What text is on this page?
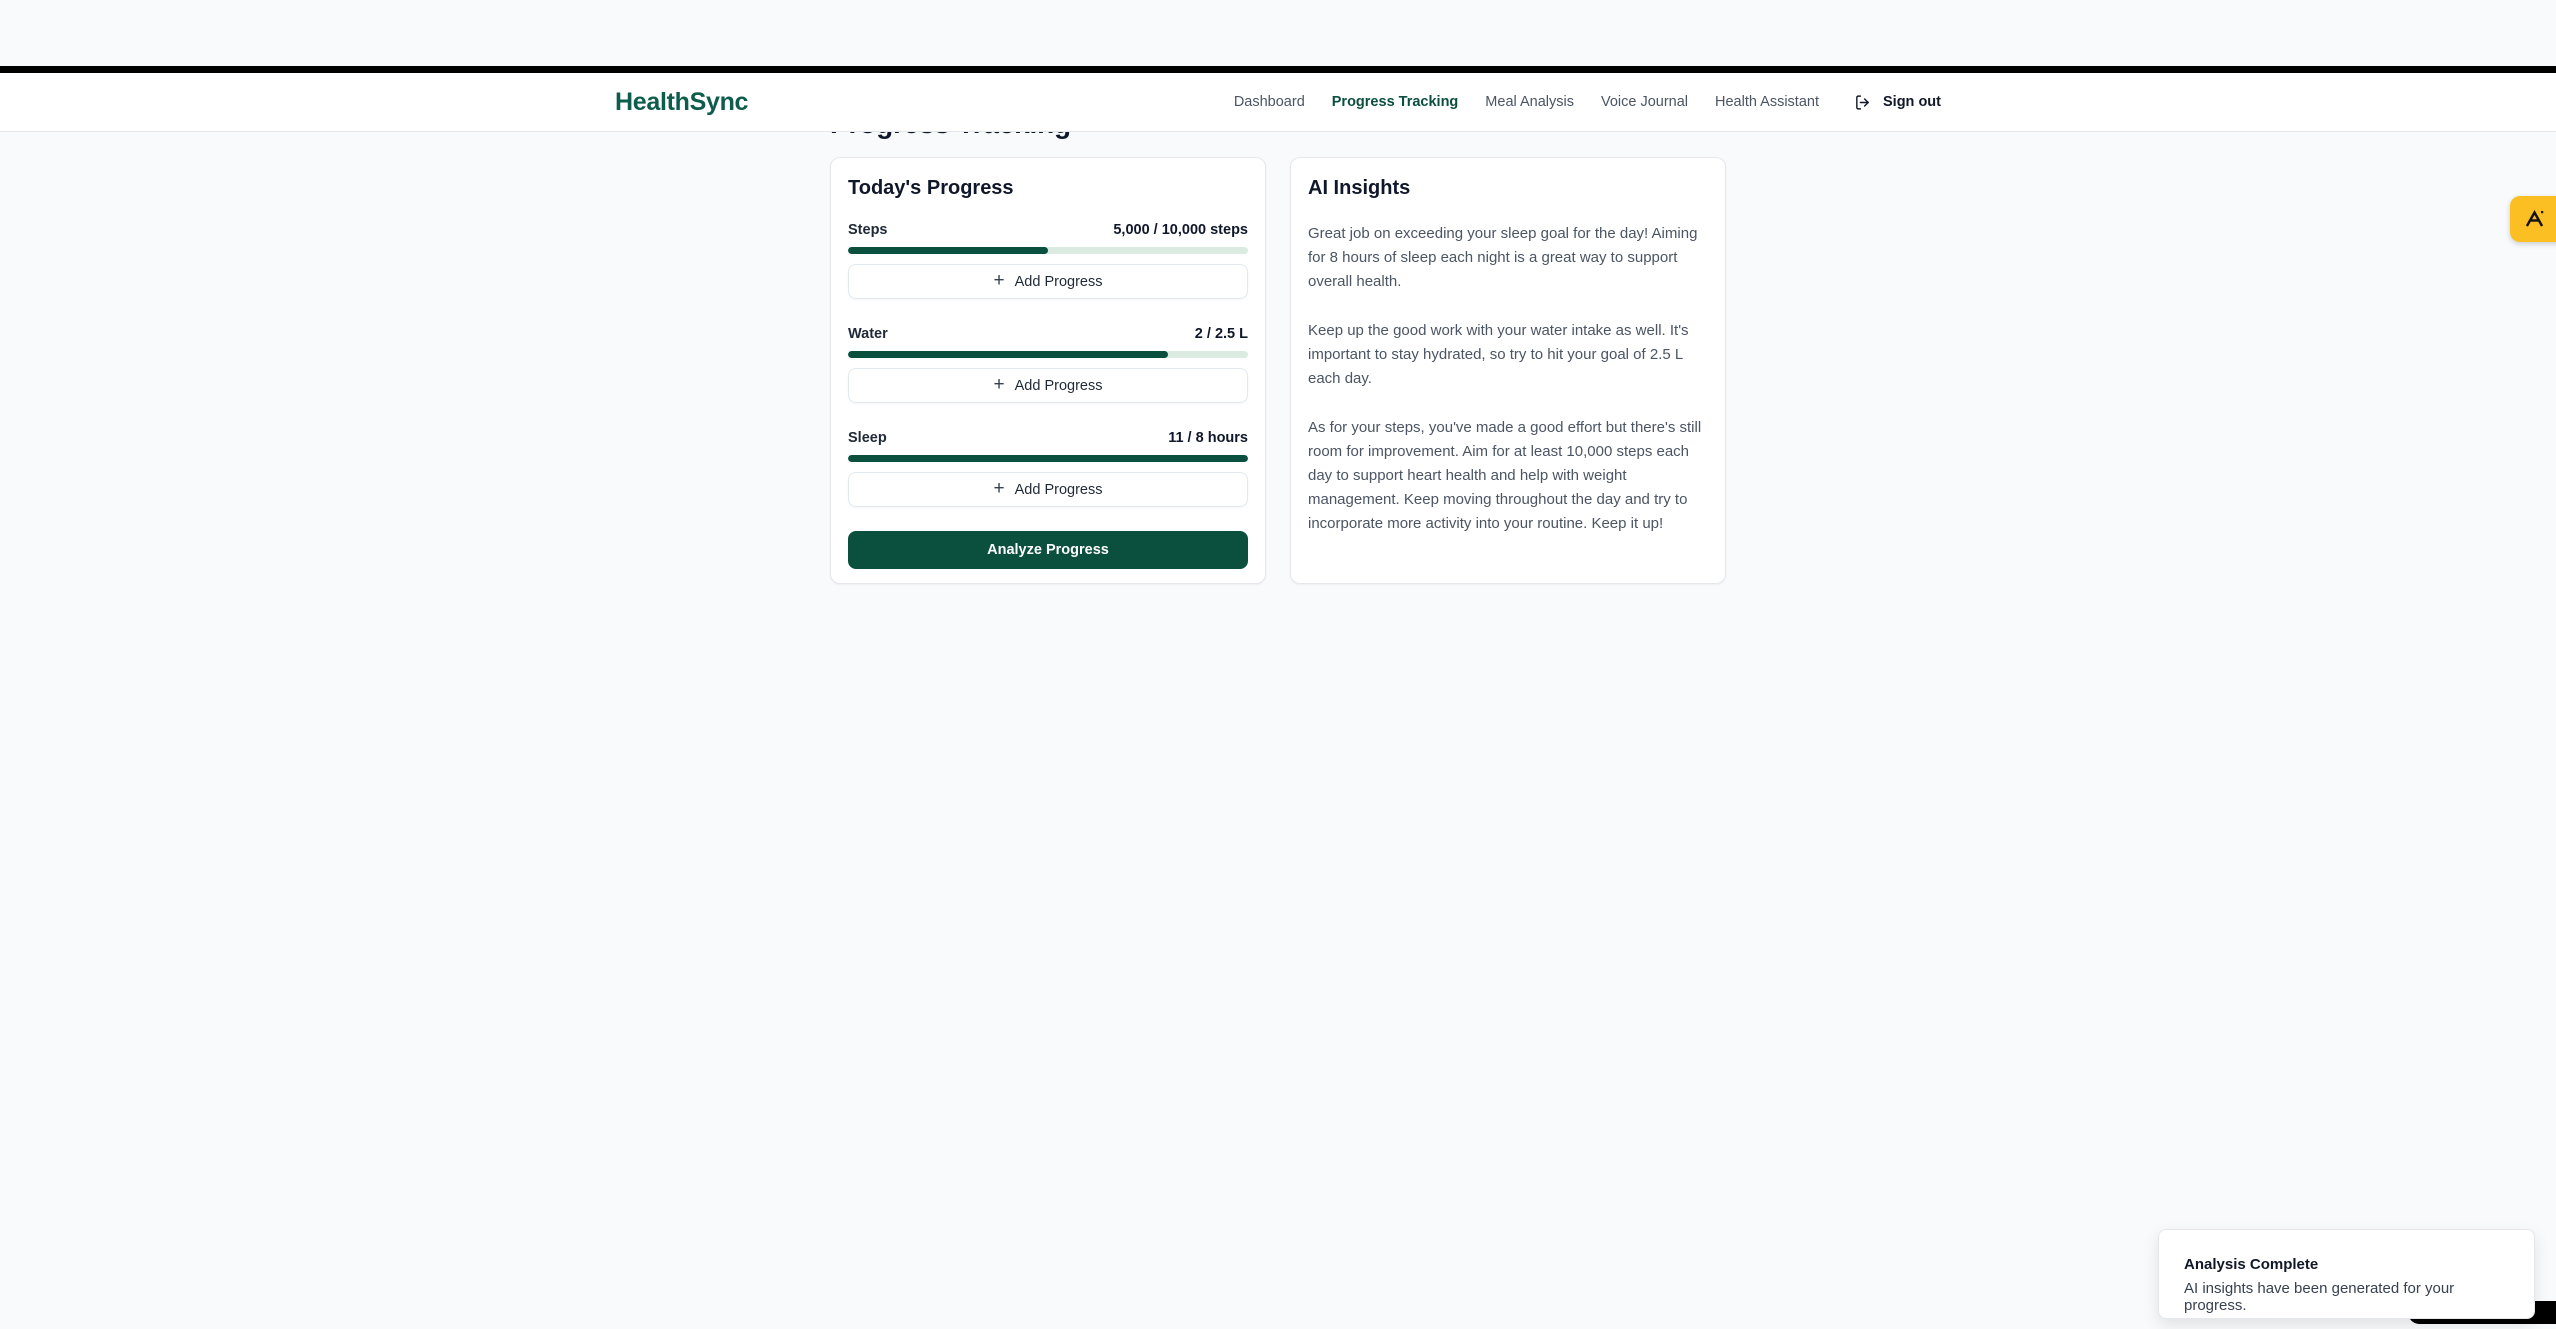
HealthSync	Dashboard Progress Tracking Meal Analysis Voice Journal Health Assistant	Sign out
Today's Progress
Steps	5,000 / 10,000 steps
+ Add Progress
Water	2 / 2.5 L
+ Add Progress
Sleep	11 / 8 hours
+ Add Progress
Analyze Progress
AI Insights

Great job on exceeding your sleep goal for the day! Aiming for 8 hours of sleep each night is a great way to support overall health.

Keep up the good work with your water intake as well. It's important to stay hydrated, so try to hit your goal of 2.5 L each day.

As for your steps, you've made a good effort but there's still room for improvement. Aim for at least 10,000 steps each day to support heart health and help with weight management. Keep moving throughout the day and try to incorporate more activity into your routine. Keep it up!

Analysis Complete
AI insights have been generated for your progress.
